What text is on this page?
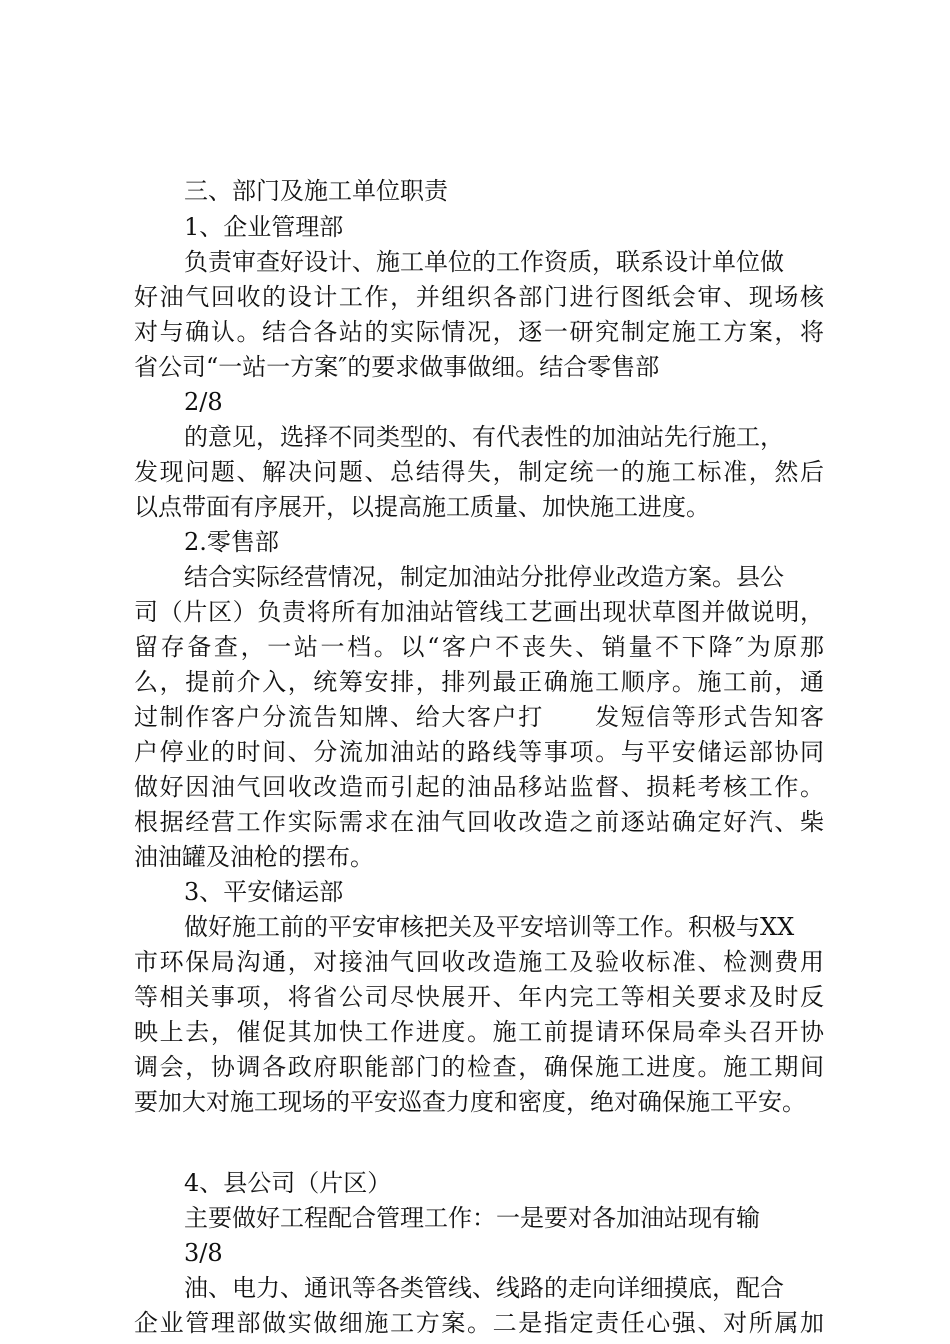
三、部门及施工单位职责
1、企业管理部
负责审查好设计、施工单位的工作资质，联系设计单位做
好油气回收的设计工作，并组织各部门进行图纸会审、现场核
对与确认。结合各站的实际情况，逐一研究制定施工方案，将
省公司“一站一方案″的要求做事做细。结合零售部
2/8
的意见，选择不同类型的、有代表性的加油站先行施工，
发现问题、解决问题、总结得失，制定统一的施工标准，然后
以点带面有序展开，以提高施工质量、加快施工进度。
2.零售部
结合实际经营情况，制定加油站分批停业改造方案。县公
司（片区）负责将所有加油站管线工艺画出现状草图并做说明，
留存备查，一站一档。以“客户不丧失、销量不下降″为原那
么，提前介入，统筹安排，排列最正确施工顺序。施工前，通
过制作客户分流告知牌、给大客户打　　发短信等形式告知客
户停业的时间、分流加油站的路线等事项。与平安储运部协同
做好因油气回收改造而引起的油品移站监督、损耗考核工作。
根据经营工作实际需求在油气回收改造之前逐站确定好汽、柴
油油罐及油枪的摆布。
3、平安储运部
做好施工前的平安审核把关及平安培训等工作。积极与XX
市环保局沟通，对接油气回收改造施工及验收标准、检测费用
等相关事项，将省公司尽快展开、年内完工等相关要求及时反
映上去，催促其加快工作进度。施工前提请环保局牵头召开协
调会，协调各政府职能部门的检查，确保施工进度。施工期间
要加大对施工现场的平安巡查力度和密度，绝对确保施工平安。
4、县公司（片区）
主要做好工程配合管理工作：一是要对各加油站现有输
3/8
油、电力、通讯等各类管线、线路的走向详细摸底，配合
企业管理部做实做细施工方案。二是指定责任心强、对所属加
